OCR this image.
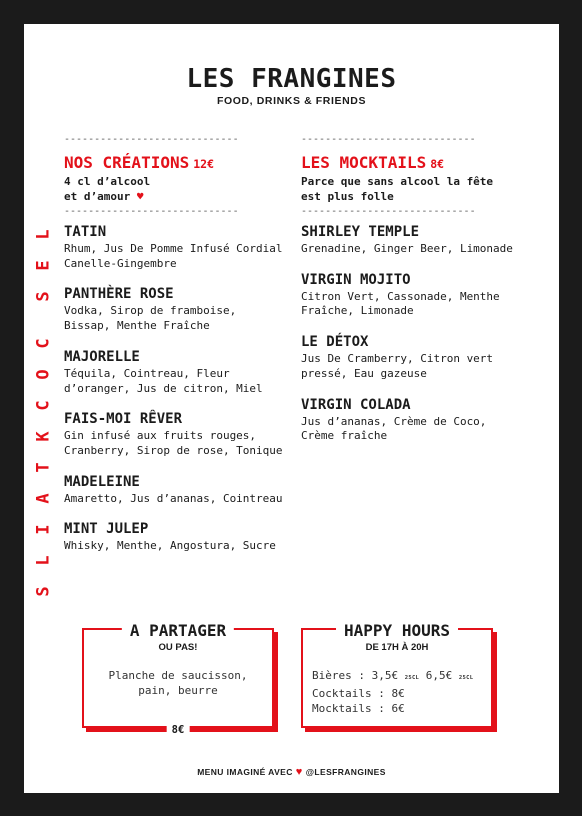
LES FRANGINES
FOOD, DRINKS & FRIENDS
L
E
S
C
O
C
K
T
A
I
L
S
-----------------------------
NOS CRÉATIONS 12€
4 cl d’alcool
et d’amour ♥
-----------------------------
TATIN
Rhum, Jus De Pomme Infusé Cordial Canelle-Gingembre
PANTHÈRE ROSE
Vodka, Sirop de framboise, Bissap, Menthe Fraîche
MAJORELLE
Téquila, Cointreau, Fleur d’oranger, Jus de citron, Miel
FAIS-MOI RÊVER
Gin infusé aux fruits rouges, Cranberry, Sirop de rose, Tonique
MADELEINE
Amaretto, Jus d’ananas, Cointreau
MINT JULEP
Whisky, Menthe, Angostura, Sucre
-----------------------------
LES MOCKTAILS 8€
Parce que sans alcool la fête
est plus folle
-----------------------------
SHIRLEY TEMPLE
Grenadine, Ginger Beer, Limonade
VIRGIN MOJITO
Citron Vert, Cassonade, Menthe Fraîche, Limonade
LE DÉTOX
Jus De Cramberry, Citron vert pressé, Eau gazeuse
VIRGIN COLADA
Jus d’ananas, Crème de Coco, Crème fraîche
A PARTAGER
OU PAS!
Planche de saucisson,
pain, beurre
8€
HAPPY HOURS
DE 17H À 20H
Bières : 3,5€ 25CL 6,5€ 25CL
Cocktails : 8€
Mocktails : 6€
MENU IMAGINÉ AVEC ♥ @LESFRANGINES
